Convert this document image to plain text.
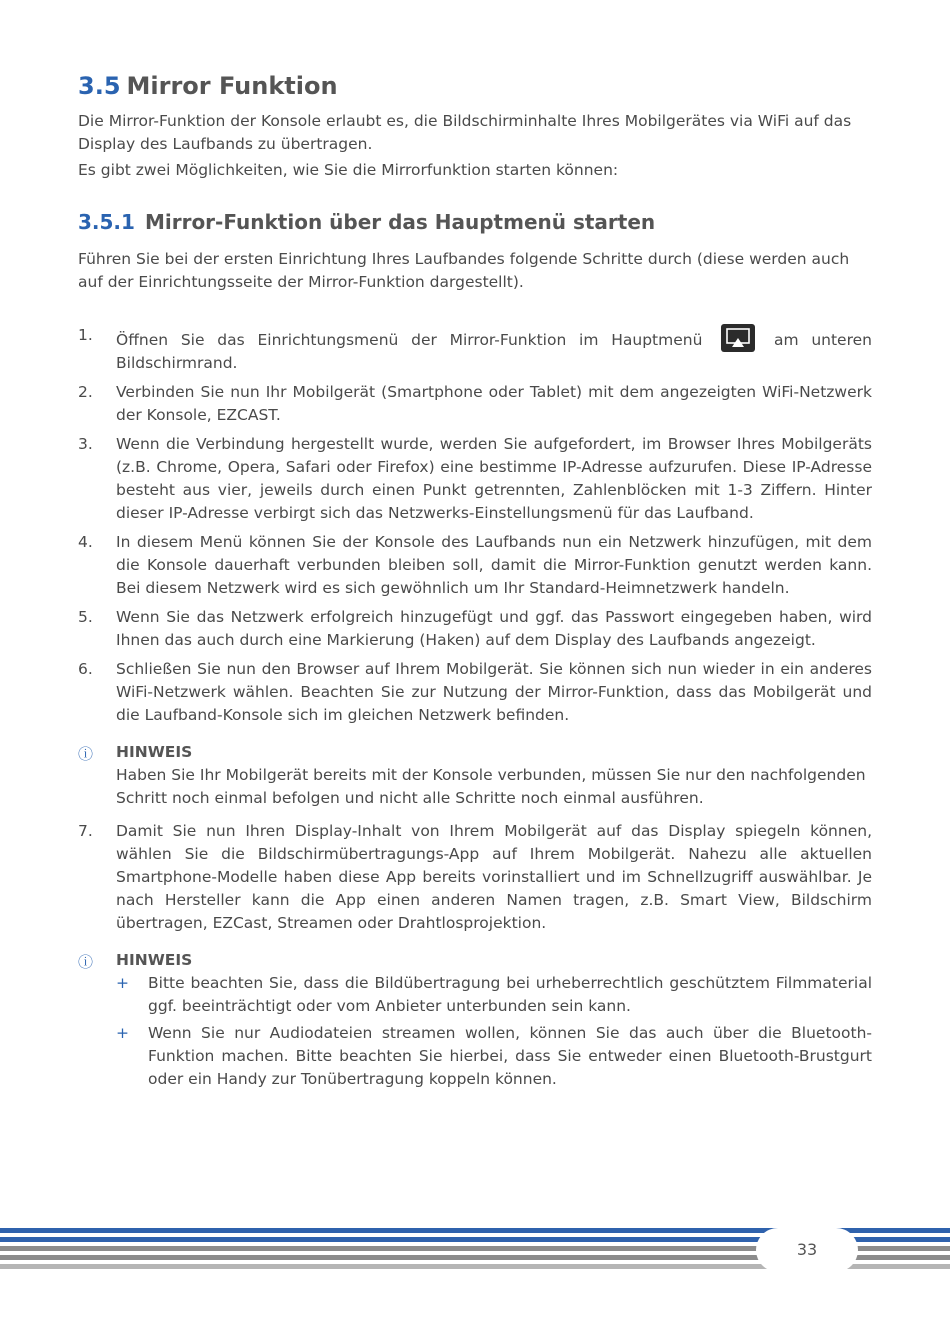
3.5 Mirror Funktion

Die Mirror-Funktion der Konsole erlaubt es, die Bildschirminhalte Ihres Mobilgerätes via WiFi auf das Display des Laufbands zu übertragen.

Es gibt zwei Möglichkeiten, wie Sie die Mirrorfunktion starten können:

3.5.1 Mirror-Funktion über das Hauptmenü starten

Führen Sie bei der ersten Einrichtung Ihres Laufbandes folgende Schritte durch (diese werden auch auf der Einrichtungsseite der Mirror-Funktion dargestellt).

1.	Öffnen Sie das Einrichtungsmenü der Mirror-Funktion im Hauptmenü	am unteren Bildschirmrand.
2.	Verbinden Sie nun Ihr Mobilgerät (Smartphone oder Tablet) mit dem angezeigten WiFi-Netzwerk der Konsole, EZCAST.
3.	Wenn die Verbindung hergestellt wurde, werden Sie aufgefordert, im Browser Ihres Mobilgeräts (z.B. Chrome, Opera, Safari oder Firefox) eine bestimme IP-Adresse aufzurufen. Diese IP-Adresse besteht aus vier, jeweils durch einen Punkt getrennten, Zahlenblöcken mit 1-3 Ziffern. Hinter dieser IP-Adresse verbirgt sich das Netzwerks-Einstellungsmenü für das Laufband.
4.	In diesem Menü können Sie der Konsole des Laufbands nun ein Netzwerk hinzufügen, mit dem die Konsole dauerhaft verbunden bleiben soll, damit die Mirror-Funktion genutzt werden kann. Bei diesem Netzwerk wird es sich gewöhnlich um Ihr Standard-Heimnetzwerk handeln.
5.	Wenn Sie das Netzwerk erfolgreich hinzugefügt und ggf. das Passwort eingegeben haben, wird Ihnen das auch durch eine Markierung (Haken) auf dem Display des Laufbands angezeigt.
6.	Schließen Sie nun den Browser auf Ihrem Mobilgerät. Sie können sich nun wieder in ein anderes WiFi-Netzwerk wählen. Beachten Sie zur Nutzung der Mirror-Funktion, dass das Mobilgerät und die Laufband-Konsole sich im gleichen Netzwerk befinden.
ⓘ	HINWEIS
Haben Sie Ihr Mobilgerät bereits mit der Konsole verbunden, müssen Sie nur den nachfolgenden Schritt noch einmal befolgen und nicht alle Schritte noch einmal ausführen.
7.	Damit Sie nun Ihren Display-Inhalt von Ihrem Mobilgerät auf das Display spiegeln können, wählen Sie die Bildschirmübertragungs-App auf Ihrem Mobilgerät. Nahezu alle aktuellen Smartphone-Modelle haben diese App bereits vorinstalliert und im Schnellzugriff auswählbar. Je nach Hersteller kann die App einen anderen Namen tragen, z.B. Smart View, Bildschirm übertragen, EZCast, Streamen oder Drahtlosprojektion.
ⓘ	HINWEIS
+	Bitte beachten Sie, dass die Bildübertragung bei urheberrechtlich geschütztem Filmmaterial ggf. beeinträchtigt oder vom Anbieter unterbunden sein kann.
+	Wenn Sie nur Audiodateien streamen wollen, können Sie das auch über die Bluetooth-Funktion machen. Bitte beachten Sie hierbei, dass Sie entweder einen Bluetooth-Brustgurt oder ein Handy zur Tonübertragung koppeln können.
33
